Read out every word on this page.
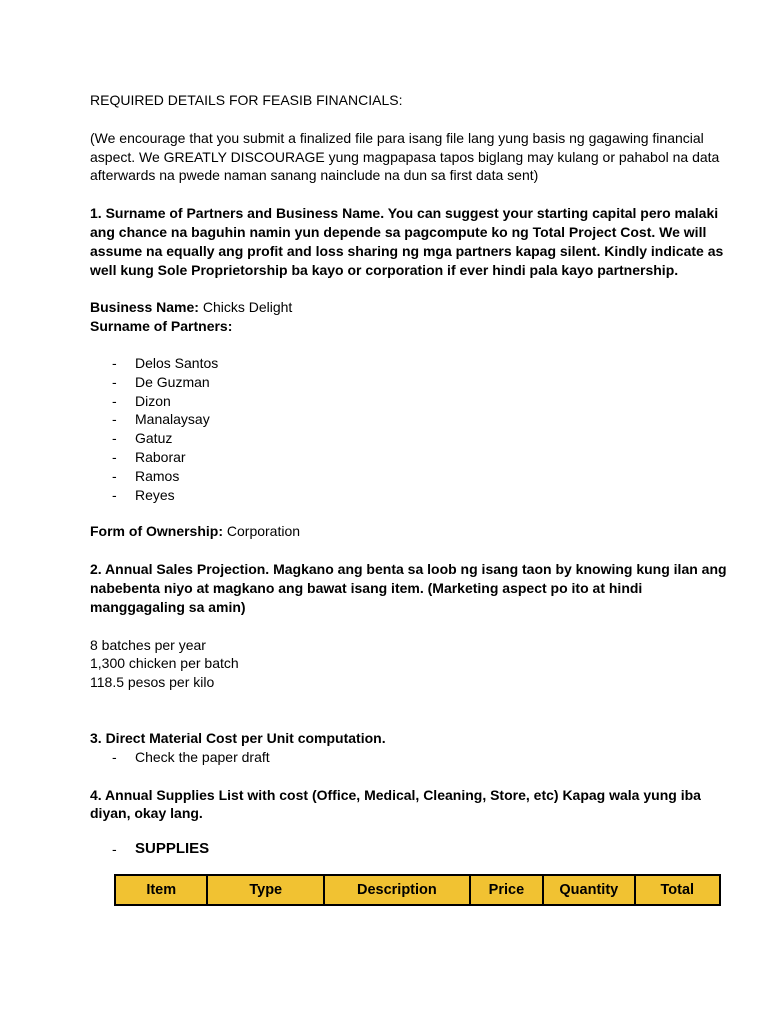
REQUIRED DETAILS FOR FEASIB FINANCIALS:

(We encourage that you submit a finalized file para isang file lang yung basis ng gagawing financial aspect. We GREATLY DISCOURAGE yung magpapasa tapos biglang may kulang or pahabol na data afterwards na pwede naman sanang nainclude na dun sa first data sent)

1. Surname of Partners and Business Name. You can suggest your starting capital pero malaki ang chance na baguhin namin yun depende sa pagcompute ko ng Total Project Cost. We will assume na equally ang profit and loss sharing ng mga partners kapag silent. Kindly indicate as well kung Sole Proprietorship ba kayo or corporation if ever hindi pala kayo partnership.

Business Name: Chicks Delight

Surname of Partners:

- Delos Santos
- De Guzman
- Dizon
- Manalaysay
- Gatuz
- Raborar
- Ramos
- Reyes

Form of Ownership: Corporation

2. Annual Sales Projection. Magkano ang benta sa loob ng isang taon by knowing kung ilan ang nabebenta niyo at magkano ang bawat isang item. (Marketing aspect po ito at hindi manggagaling sa amin)

8 batches per year

1,300 chicken per batch

118.5 pesos per kilo

3. Direct Material Cost per Unit computation.

- Check the paper draft

4. Annual Supplies List with cost (Office, Medical, Cleaning, Store, etc) Kapag wala yung iba diyan, okay lang.

- SUPPLIES
Item	Type	Description	Price	Quantity	Total
